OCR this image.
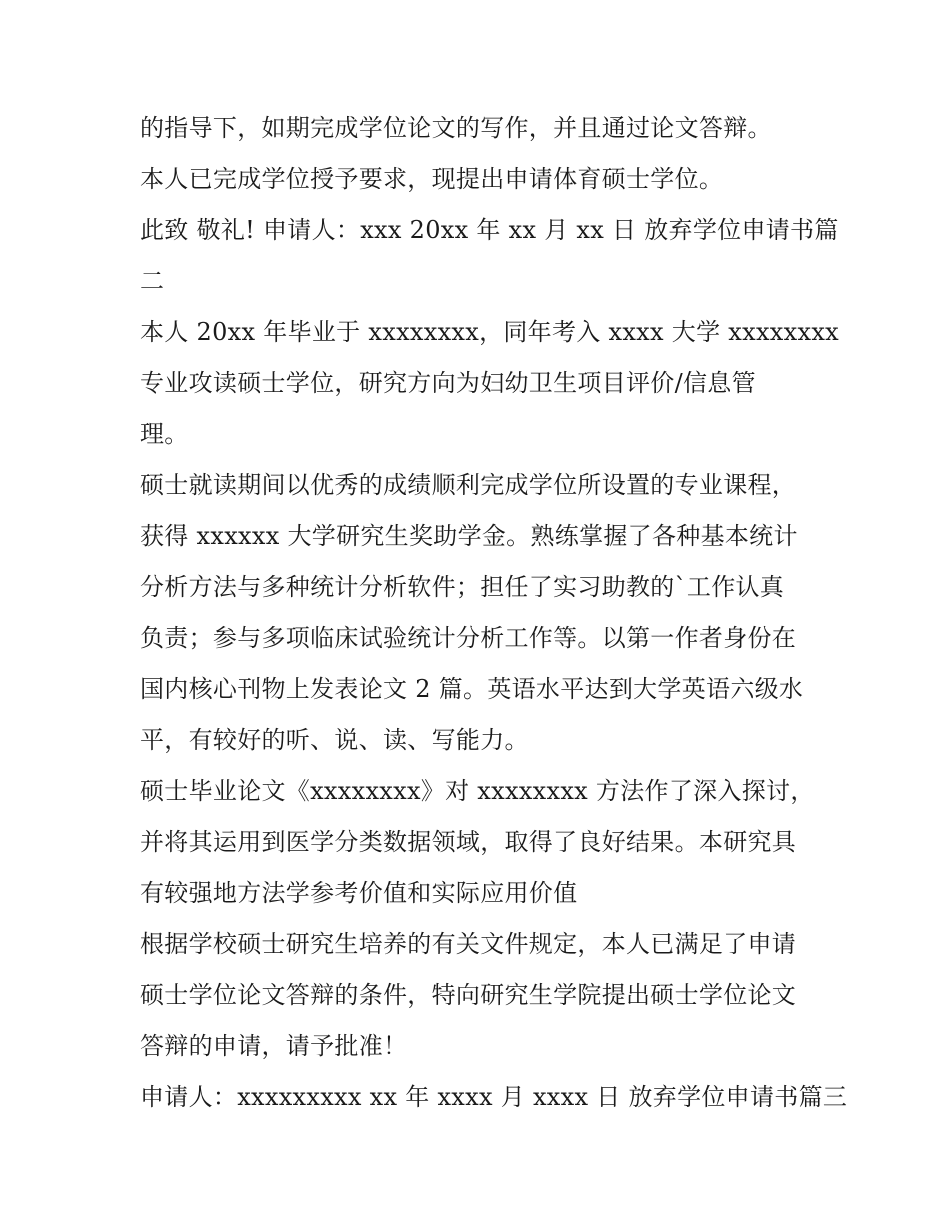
的指导下，如期完成学位论文的写作，并且通过论文答辩。
本人已完成学位授予要求，现提出申请体育硕士学位。
此致 敬礼! 申请人：xxx 20xx 年 xx 月 xx 日 放弃学位申请书篇
二
本人 20xx 年毕业于 xxxxxxxx，同年考入 xxxx 大学 xxxxxxxx
专业攻读硕士学位，研究方向为妇幼卫生项目评价/信息管
理。
硕士就读期间以优秀的成绩顺利完成学位所设置的专业课程，
获得 xxxxxx 大学研究生奖助学金。熟练掌握了各种基本统计
分析方法与多种统计分析软件；担任了实习助教的`工作认真
负责；参与多项临床试验统计分析工作等。以第一作者身份在
国内核心刊物上发表论文 2 篇。英语水平达到大学英语六级水
平，有较好的听、说、读、写能力。
硕士毕业论文《xxxxxxxx》对 xxxxxxxx 方法作了深入探讨，
并将其运用到医学分类数据领域，取得了良好结果。本研究具
有较强地方法学参考价值和实际应用价值
根据学校硕士研究生培养的有关文件规定，本人已满足了申请
硕士学位论文答辩的条件，特向研究生学院提出硕士学位论文
答辩的申请，请予批准！
申请人：xxxxxxxxx xx 年 xxxx 月 xxxx 日 放弃学位申请书篇三
